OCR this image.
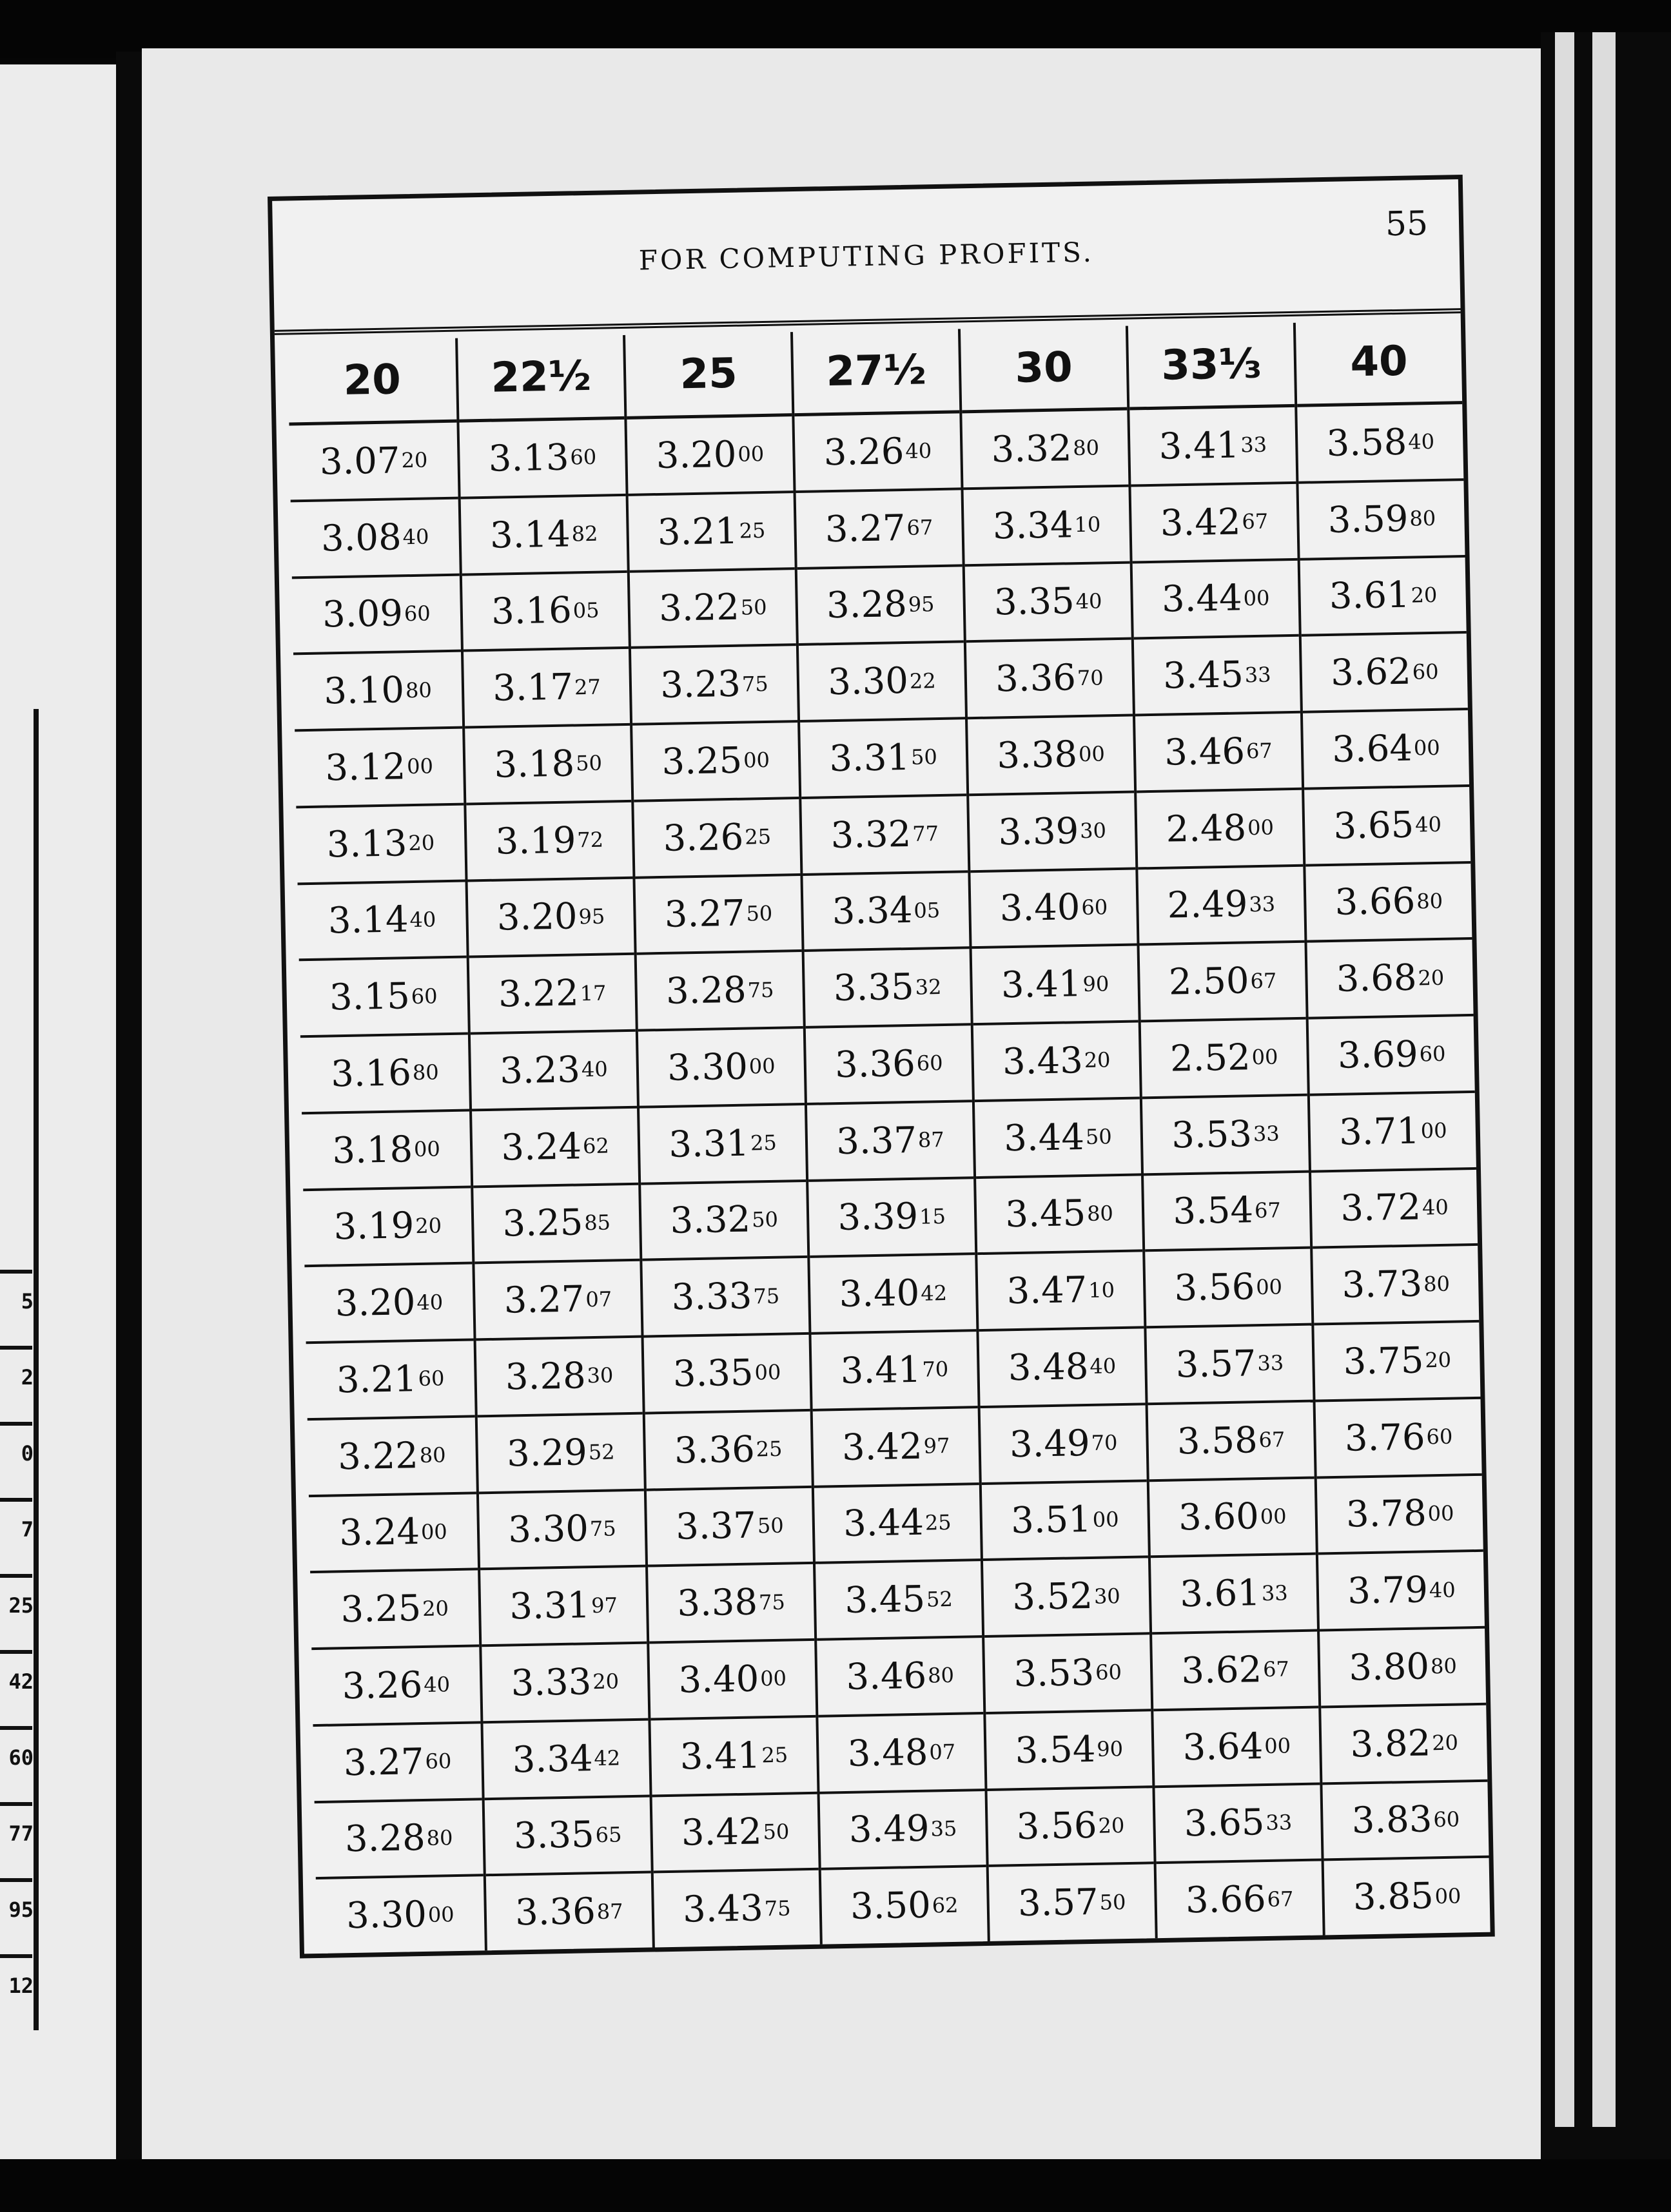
5
2
0
7
25
42
60
77
95
12
FOR COMPUTING PROFITS.
55
20
3.07 20
3.08 40
3.09 60
3.10 80
3.12 00
3.13 20
3.14 40
3.15 60
3.16 80
3.18 00
3.19 20
3.20 40
3.21 60
3.22 80
3.24 00
3.25 20
3.26 40
3.27 60
3.28 80
3.30 00
22½
3.13 60
3.14 82
3.16 05
3.17 27
3.18 50
3.19 72
3.20 95
3.22 17
3.23 40
3.24 62
3.25 85
3.27 07
3.28 30
3.29 52
3.30 75
3.31 97
3.33 20
3.34 42
3.35 65
3.36 87
25
3.20 00
3.21 25
3.22 50
3.23 75
3.25 00
3.26 25
3.27 50
3.28 75
3.30 00
3.31 25
3.32 50
3.33 75
3.35 00
3.36 25
3.37 50
3.38 75
3.40 00
3.41 25
3.42 50
3.43 75
27½
3.26 40
3.27 67
3.28 95
3.30 22
3.31 50
3.32 77
3.34 05
3.35 32
3.36 60
3.37 87
3.39 15
3.40 42
3.41 70
3.42 97
3.44 25
3.45 52
3.46 80
3.48 07
3.49 35
3.50 62
30
3.32 80
3.34 10
3.35 40
3.36 70
3.38 00
3.39 30
3.40 60
3.41 90
3.43 20
3.44 50
3.45 80
3.47 10
3.48 40
3.49 70
3.51 00
3.52 30
3.53 60
3.54 90
3.56 20
3.57 50
33⅓
3.41 33
3.42 67
3.44 00
3.45 33
3.46 67
2.48 00
2.49 33
2.50 67
2.52 00
3.53 33
3.54 67
3.56 00
3.57 33
3.58 67
3.60 00
3.61 33
3.62 67
3.64 00
3.65 33
3.66 67
40
3.58 40
3.59 80
3.61 20
3.62 60
3.64 00
3.65 40
3.66 80
3.68 20
3.69 60
3.71 00
3.72 40
3.73 80
3.75 20
3.76 60
3.78 00
3.79 40
3.80 80
3.82 20
3.83 60
3.85 00
